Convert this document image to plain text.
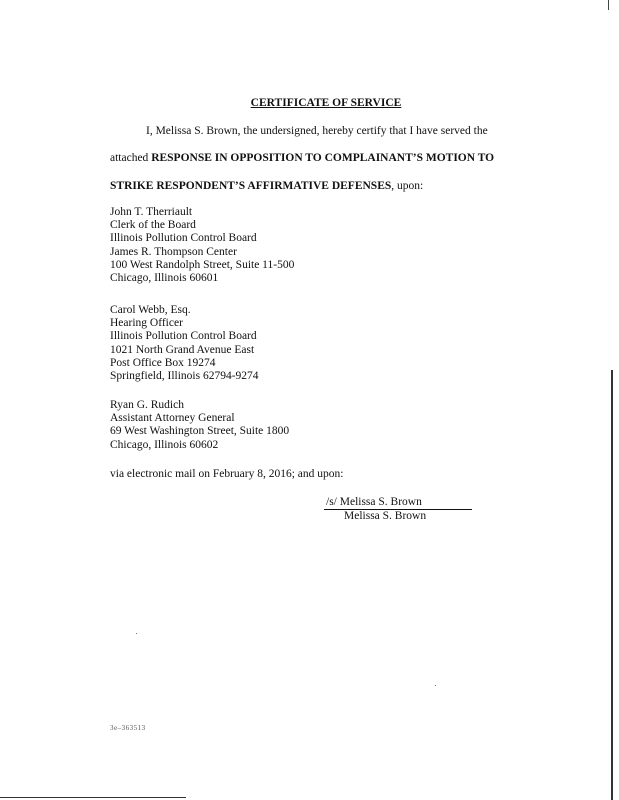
CERTIFICATE OF SERVICE
I, Melissa S. Brown, the undersigned, hereby certify that I have served the
attached RESPONSE IN OPPOSITION TO COMPLAINANT’S MOTION TO
STRIKE RESPONDENT’S AFFIRMATIVE DEFENSES, upon:
John T. Therriault
Clerk of the Board
Illinois Pollution Control Board
James R. Thompson Center
100 West Randolph Street, Suite 11-500
Chicago, Illinois 60601
Carol Webb, Esq.
Hearing Officer
Illinois Pollution Control Board
1021 North Grand Avenue East
Post Office Box 19274
Springfield, Illinois 62794-9274
Ryan G. Rudich
Assistant Attorney General
69 West Washington Street, Suite 1800
Chicago, Illinois 60602
via electronic mail on February 8, 2016; and upon:
/s/ Melissa S. Brown
Melissa S. Brown
3e–363513
